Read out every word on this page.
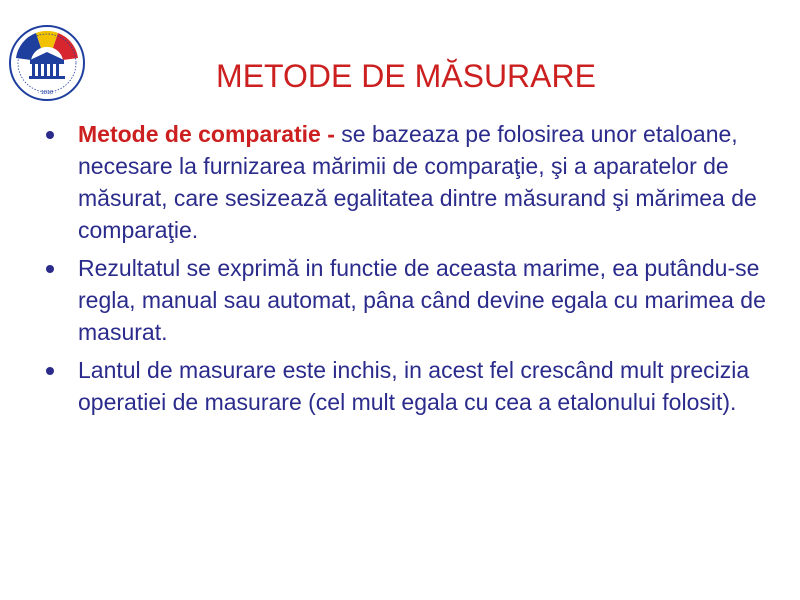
· 1818 ·	METODE DE MĂSURARE
Metode de comparatie - se bazeaza pe folosirea unor etaloane, necesare la furnizarea mărimii de comparaţie, şi a aparatelor de măsurat, care sesizează egalitatea dintre măsurand şi mărimea de comparaţie.
Rezultatul se exprimă in functie de aceasta marime, ea putându-se regla, manual sau automat, pâna când devine egala cu marimea de masurat.
Lantul de masurare este inchis, in acest fel crescând mult precizia operatiei de masurare (cel mult egala cu cea a etalonului folosit).
